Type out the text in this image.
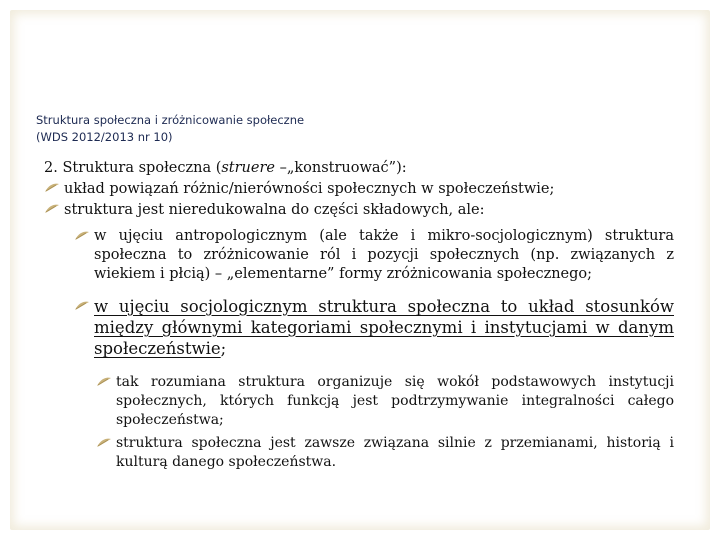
Struktura społeczna i zróżnicowanie społeczne
(WDS 2012/2013 nr 10)
2. Struktura społeczna (struere –„konstruować”):
układ powiązań różnic/nierówności społecznych w społeczeństwie;
struktura jest nieredukowalna do części składowych, ale:
w ujęciu antropologicznym (ale także i mikro-socjologicznym) struktura społeczna to zróżnicowanie ról i pozycji społecznych (np. związanych z wiekiem i płcią) – „elementarne” formy zróżnicowania społecznego;
w ujęciu socjologicznym struktura społeczna to układ stosunków między głównymi kategoriami społecznymi i instytucjami w danym społeczeństwie;
tak rozumiana struktura organizuje się wokół podstawowych instytucji społecznych, których funkcją jest podtrzymywanie integralności całego społeczeństwa;
struktura społeczna jest zawsze związana silnie z przemianami, historią i kulturą danego społeczeństwa.
